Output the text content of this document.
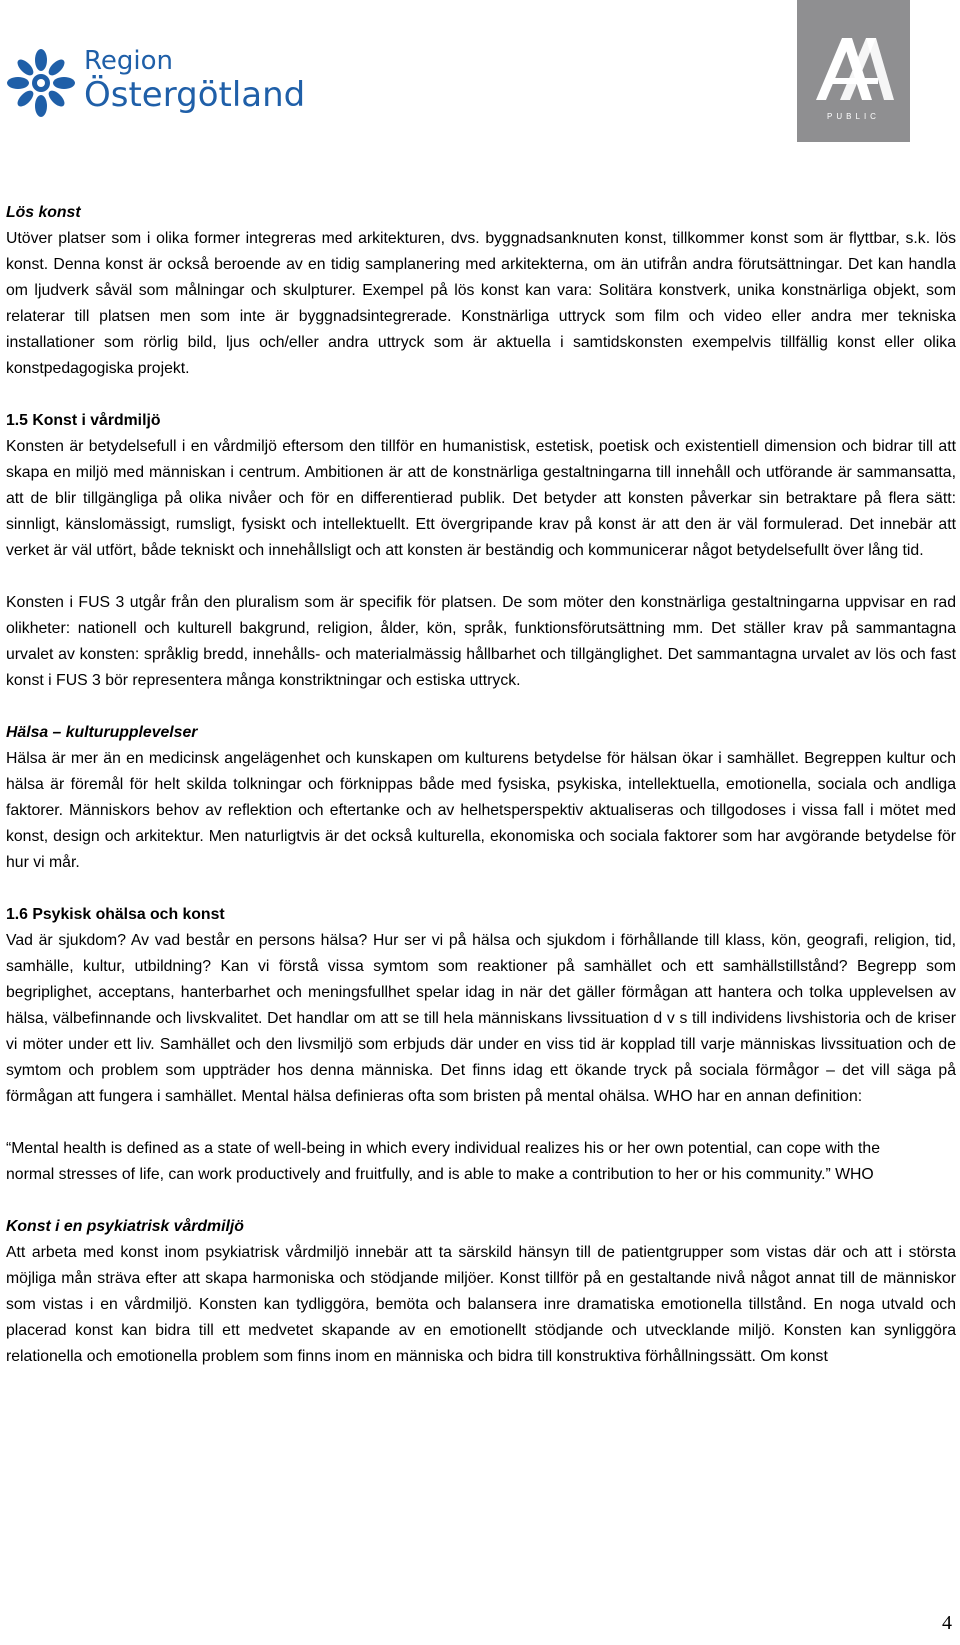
Region
Östergötland
PUBLIC
Lös konst

Utöver platser som i olika former integreras med arkitekturen, dvs. byggnadsanknuten konst, tillkommer konst som är flyttbar, s.k. lös konst. Denna konst är också beroende av en tidig samplanering med arkitekterna, om än utifrån andra förutsättningar. Det kan handla om ljudverk såväl som målningar och skulpturer. Exempel på lös konst kan vara: Solitära konstverk, unika konstnärliga objekt, som relaterar till platsen men som inte är byggnadsintegrerade. Konstnärliga uttryck som film och video eller andra mer tekniska installationer som rörlig bild, ljus och/eller andra uttryck som är aktuella i samtidskonsten exempelvis tillfällig konst eller olika konstpedagogiska projekt.

1.5 Konst i vårdmiljö

Konsten är betydelsefull i en vårdmiljö eftersom den tillför en humanistisk, estetisk, poetisk och existentiell dimension och bidrar till att skapa en miljö med människan i centrum. Ambitionen är att de konstnärliga gestaltningarna till innehåll och utförande är sammansatta, att de blir tillgängliga på olika nivåer och för en differentierad publik. Det betyder att konsten påverkar sin betraktare på flera sätt: sinnligt, känslomässigt, rumsligt, fysiskt och intellektuellt. Ett övergripande krav på konst är att den är väl formulerad. Det innebär att verket är väl utfört, både tekniskt och innehållsligt och att konsten är beständig och kommunicerar något betydelsefullt över lång tid.

Konsten i FUS 3 utgår från den pluralism som är specifik för platsen. De som möter den konstnärliga gestaltningarna uppvisar en rad olikheter: nationell och kulturell bakgrund, religion, ålder, kön, språk, funktionsförutsättning mm. Det ställer krav på sammantagna urvalet av konsten: språklig bredd, innehålls- och materialmässig hållbarhet och tillgänglighet. Det sammantagna urvalet av lös och fast konst i FUS 3 bör representera många konstriktningar och estiska uttryck.

Hälsa – kulturupplevelser

Hälsa är mer än en medicinsk angelägenhet och kunskapen om kulturens betydelse för hälsan ökar i samhället. Begreppen kultur och hälsa är föremål för helt skilda tolkningar och förknippas både med fysiska, psykiska, intellektuella, emotionella, sociala och andliga faktorer. Människors behov av reflektion och eftertanke och av helhetsperspektiv aktualiseras och tillgodoses i vissa fall i mötet med konst, design och arkitektur. Men naturligtvis är det också kulturella, ekonomiska och sociala faktorer som har avgörande betydelse för hur vi mår.

1.6 Psykisk ohälsa och konst

Vad är sjukdom? Av vad består en persons hälsa? Hur ser vi på hälsa och sjukdom i förhållande till klass, kön, geografi, religion, tid, samhälle, kultur, utbildning? Kan vi förstå vissa symtom som reaktioner på samhället och ett samhällstillstånd? Begrepp som begriplighet, acceptans, hanterbarhet och meningsfullhet spelar idag in när det gäller förmågan att hantera och tolka upplevelsen av hälsa, välbefinnande och livskvalitet. Det handlar om att se till hela människans livssituation d v s till individens livshistoria och de kriser vi möter under ett liv. Samhället och den livsmiljö som erbjuds där under en viss tid är kopplad till varje människas livssituation och de symtom och problem som uppträder hos denna människa. Det finns idag ett ökande tryck på sociala förmågor – det vill säga på förmågan att fungera i samhället. Mental hälsa definieras ofta som bristen på mental ohälsa. WHO har en annan definition:

“Mental health is defined as a state of well-being in which every individual realizes his or her own potential, can cope with the normal stresses of life, can work productively and fruitfully, and is able to make a contribution to her or his community.” WHO

Konst i en psykiatrisk vårdmiljö

Att arbeta med konst inom psykiatrisk vårdmiljö innebär att ta särskild hänsyn till de patientgrupper som vistas där och att i största möjliga mån sträva efter att skapa harmoniska och stödjande miljöer. Konst tillför på en gestaltande nivå något annat till de människor som vistas i en vårdmiljö. Konsten kan tydliggöra, bemöta och balansera inre dramatiska emotionella tillstånd. En noga utvald och placerad konst kan bidra till ett medvetet skapande av en emotionellt stödjande och utvecklande miljö. Konsten kan synliggöra relationella och emotionella problem som finns inom en människa och bidra till konstruktiva förhållningssätt. Om konst

4
